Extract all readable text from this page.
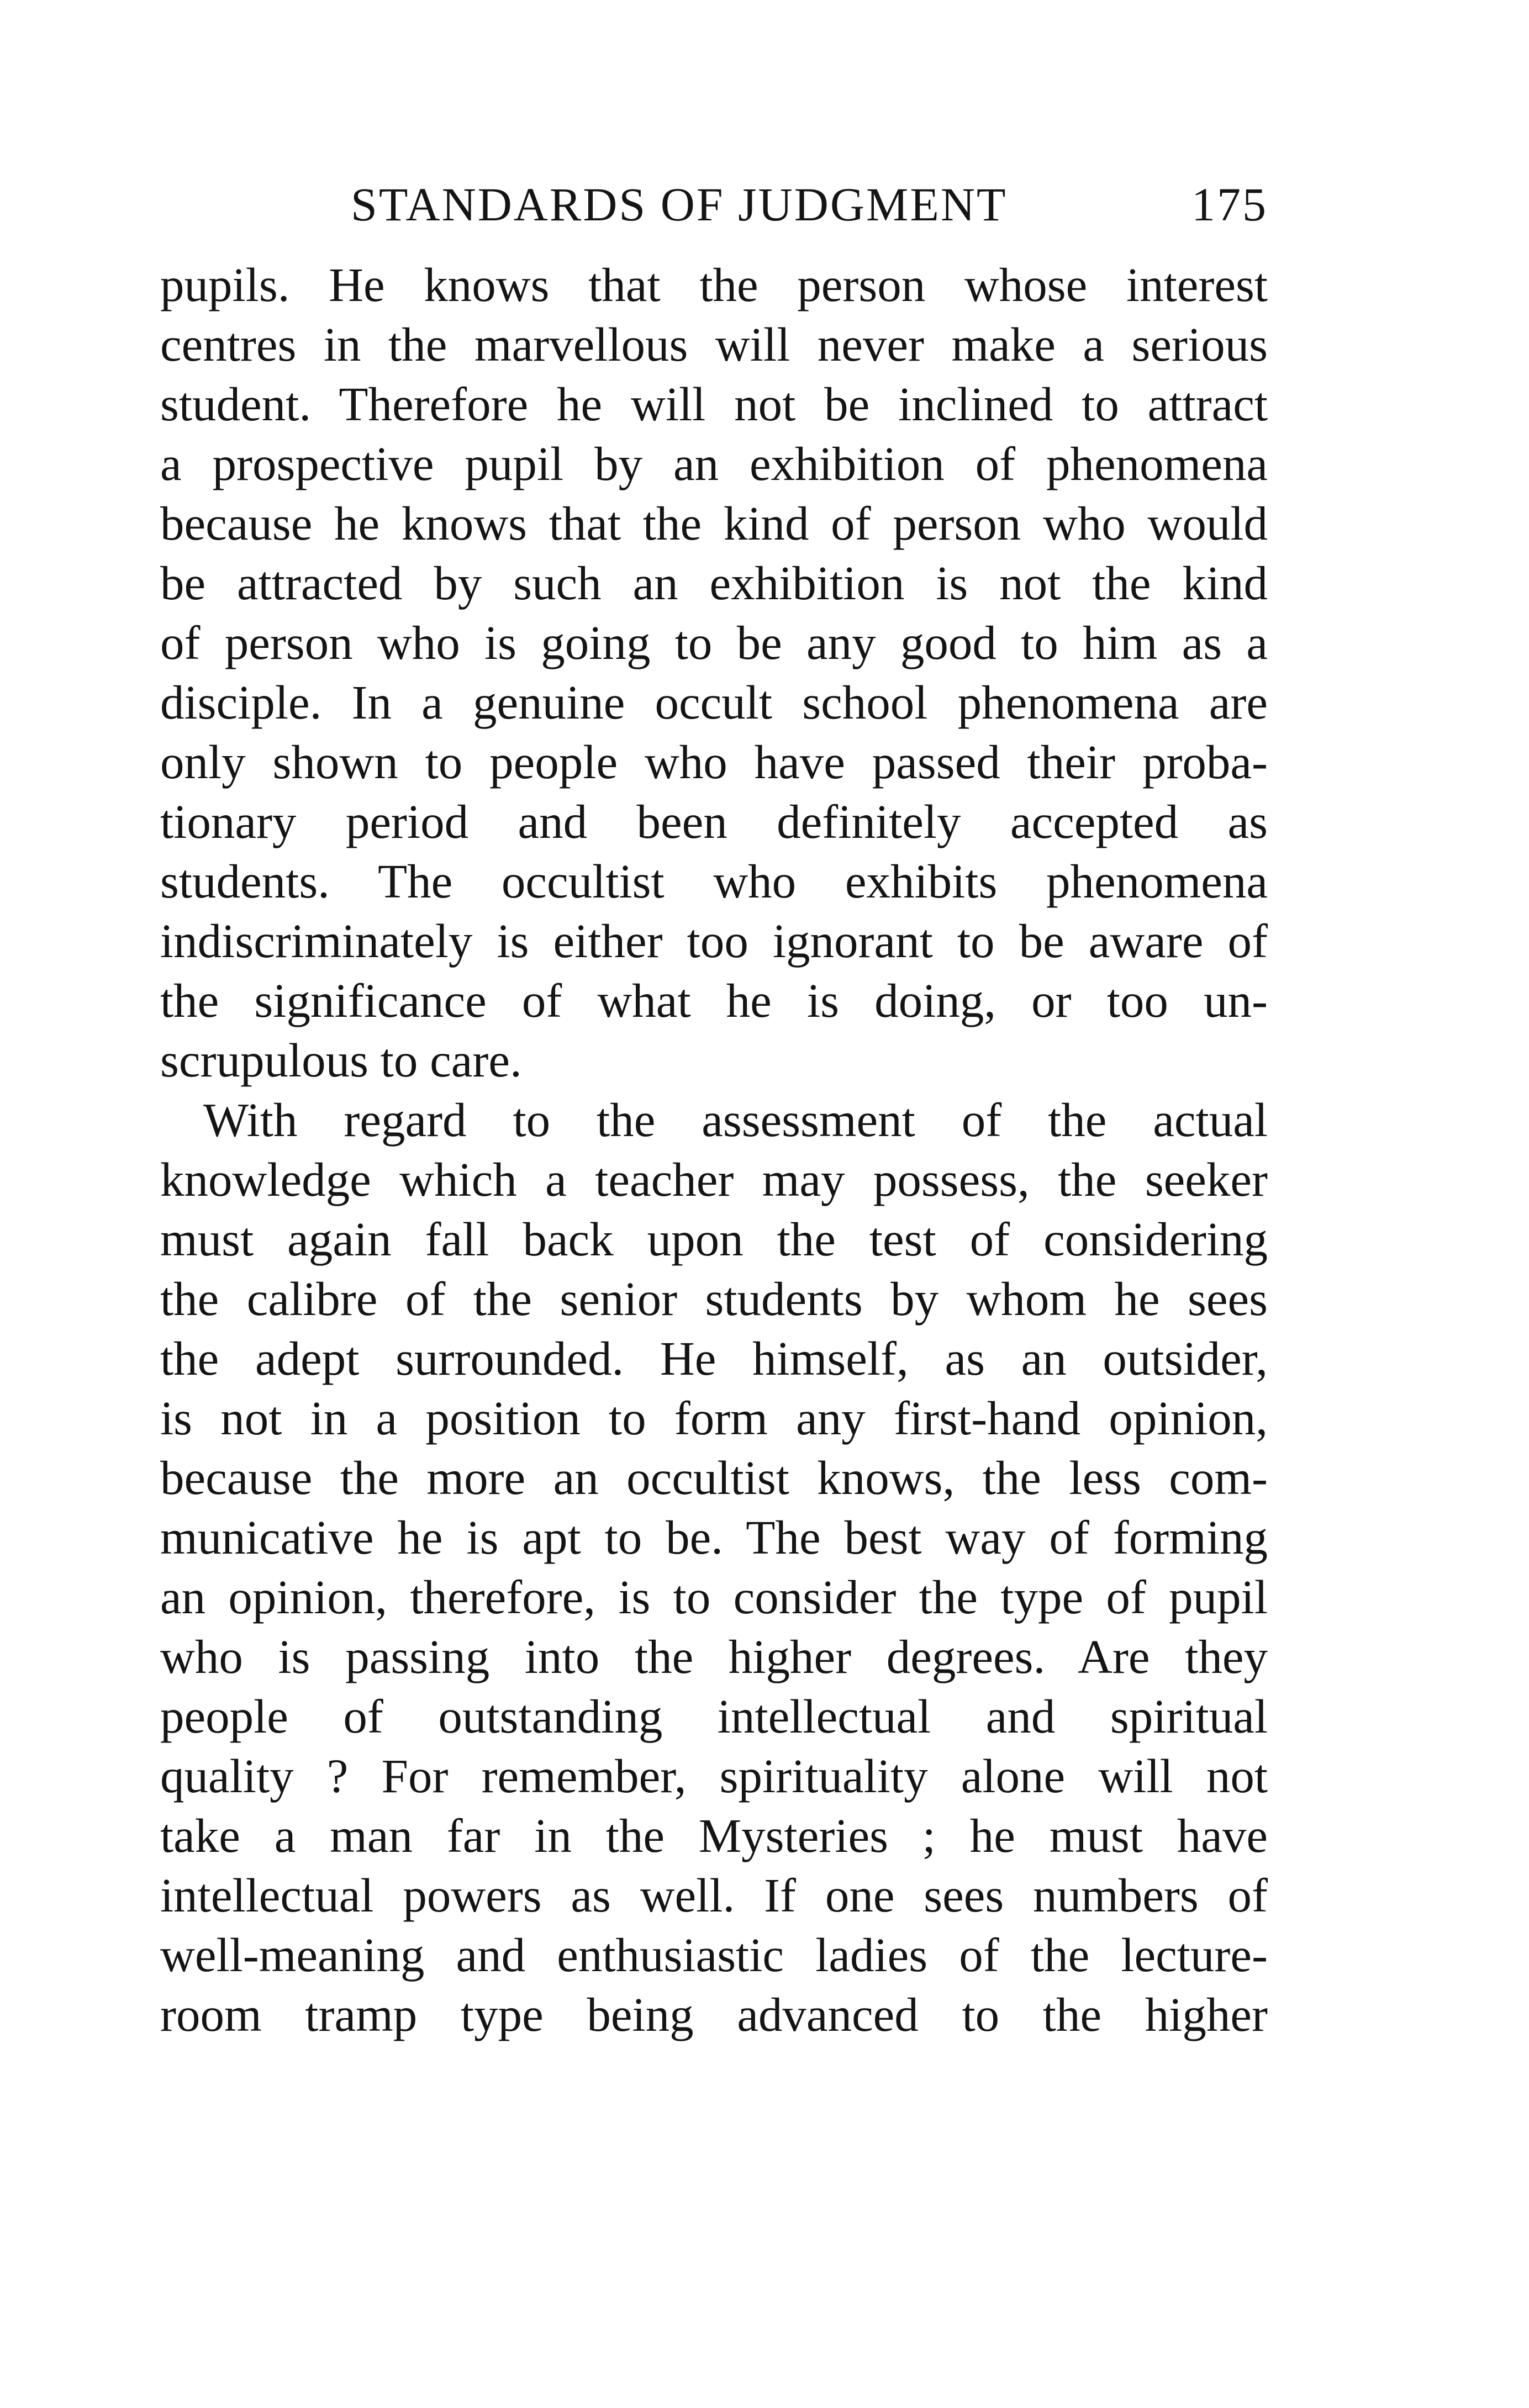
STANDARDS OF JUDGMENT	175
pupils. He knows that the person whose interest
centres in the marvellous will never make a serious
student. Therefore he will not be inclined to attract
a prospective pupil by an exhibition of phenomena
because he knows that the kind of person who would
be attracted by such an exhibition is not the kind
of person who is going to be any good to him as a
disciple. In a genuine occult school phenomena are
only shown to people who have passed their proba-
tionary period and been definitely accepted as
students. The occultist who exhibits phenomena
indiscriminately is either too ignorant to be aware of
the significance of what he is doing, or too un-
scrupulous to care.
With regard to the assessment of the actual
knowledge which a teacher may possess, the seeker
must again fall back upon the test of considering
the calibre of the senior students by whom he sees
the adept surrounded. He himself, as an outsider,
is not in a position to form any first-hand opinion,
because the more an occultist knows, the less com-
municative he is apt to be. The best way of forming
an opinion, therefore, is to consider the type of pupil
who is passing into the higher degrees. Are they
people of outstanding intellectual and spiritual
quality ? For remember, spirituality alone will not
take a man far in the Mysteries ; he must have
intellectual powers as well. If one sees numbers of
well-meaning and enthusiastic ladies of the lecture-
room tramp type being advanced to the higher
